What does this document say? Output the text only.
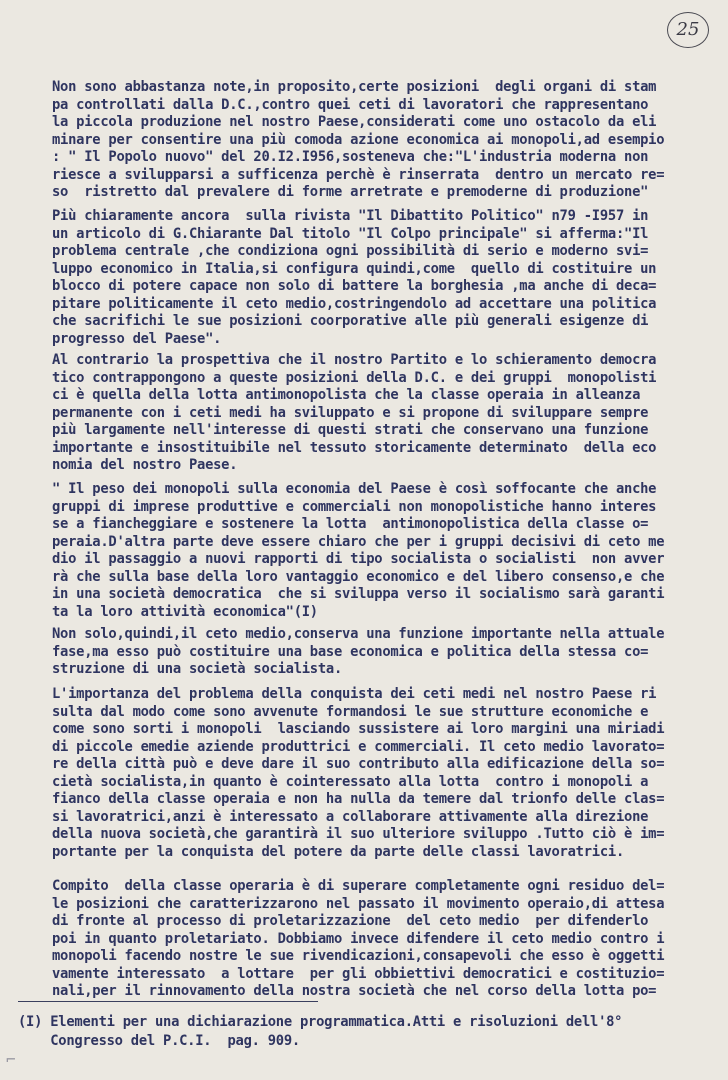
25
Non sono abbastanza note,in proposito,certe posizioni  degli organi di stam
pa controllati dalla D.C.,contro quei ceti di lavoratori che rappresentano
la piccola produzione nel nostro Paese,considerati come uno ostacolo da eli
minare per consentire una più comoda azione economica ai monopoli,ad esempio
: " Il Popolo nuovo" del 20.I2.I956,sosteneva che:"L'industria moderna non
riesce a svilupparsi a sufficenza perchè è rinserrata  dentro un mercato re=
so  ristretto dal prevalere di forme arretrate e premoderne di produzione"
Più chiaramente ancora  sulla rivista "Il Dibattito Politico" n79 -I957 in
un articolo di G.Chiarante Dal titolo "Il Colpo principale" si afferma:"Il
problema centrale ,che condiziona ogni possibilità di serio e moderno svi=
luppo economico in Italia,si configura quindi,come  quello di costituire un
blocco di potere capace non solo di battere la borghesia ,ma anche di deca=
pitare politicamente il ceto medio,costringendolo ad accettare una politica
che sacrifichi le sue posizioni coorporative alle più generali esigenze di
progresso del Paese".
Al contrario la prospettiva che il nostro Partito e lo schieramento democra
tico contrappongono a queste posizioni della D.C. e dei gruppi  monopolisti
ci è quella della lotta antimonopolista che la classe operaia in alleanza
permanente con i ceti medi ha sviluppato e si propone di sviluppare sempre
più largamente nell'interesse di questi strati che conservano una funzione
importante e insostituibile nel tessuto storicamente determinato  della eco
nomia del nostro Paese.
" Il peso dei monopoli sulla economia del Paese è così soffocante che anche
gruppi di imprese produttive e commerciali non monopolistiche hanno interes
se a fiancheggiare e sostenere la lotta  antimonopolistica della classe o=
peraia.D'altra parte deve essere chiaro che per i gruppi decisivi di ceto me
dio il passaggio a nuovi rapporti di tipo socialista o socialisti  non avver
rà che sulla base della loro vantaggio economico e del libero consenso,e che
in una società democratica  che si sviluppa verso il socialismo sarà garanti
ta la loro attività economica"(I)
Non solo,quindi,il ceto medio,conserva una funzione importante nella attuale
fase,ma esso può costituire una base economica e politica della stessa co=
struzione di una società socialista.
L'importanza del problema della conquista dei ceti medi nel nostro Paese ri
sulta dal modo come sono avvenute formandosi le sue strutture economiche e
come sono sorti i monopoli  lasciando sussistere ai loro margini una miriadi
di piccole emedie aziende produttrici e commerciali. Il ceto medio lavorato=
re della città può e deve dare il suo contributo alla edificazione della so=
cietà socialista,in quanto è cointeressato alla lotta  contro i monopoli a
fianco della classe operaia e non ha nulla da temere dal trionfo delle clas=
si lavoratrici,anzi è interessato a collaborare attivamente alla direzione
della nuova società,che garantirà il suo ulteriore sviluppo .Tutto ciò è im=
portante per la conquista del potere da parte delle classi lavoratrici.
Compito  della classe operaria è di superare completamente ogni residuo del=
le posizioni che caratterizzarono nel passato il movimento operaio,di attesa
di fronte al processo di proletarizzazione  del ceto medio  per difenderlo
poi in quanto proletariato. Dobbiamo invece difendere il ceto medio contro i
monopoli facendo nostre le sue rivendicazioni,consapevoli che esso è oggetti
vamente interessato  a lottare  per gli obbiettivi democratici e costituzio=
nali,per il rinnovamento della nostra società che nel corso della lotta po=
(I) Elementi per una dichiarazione programmatica.Atti e risoluzioni dell'8°
Congresso del P.C.I.  pag. 909.
⌐
